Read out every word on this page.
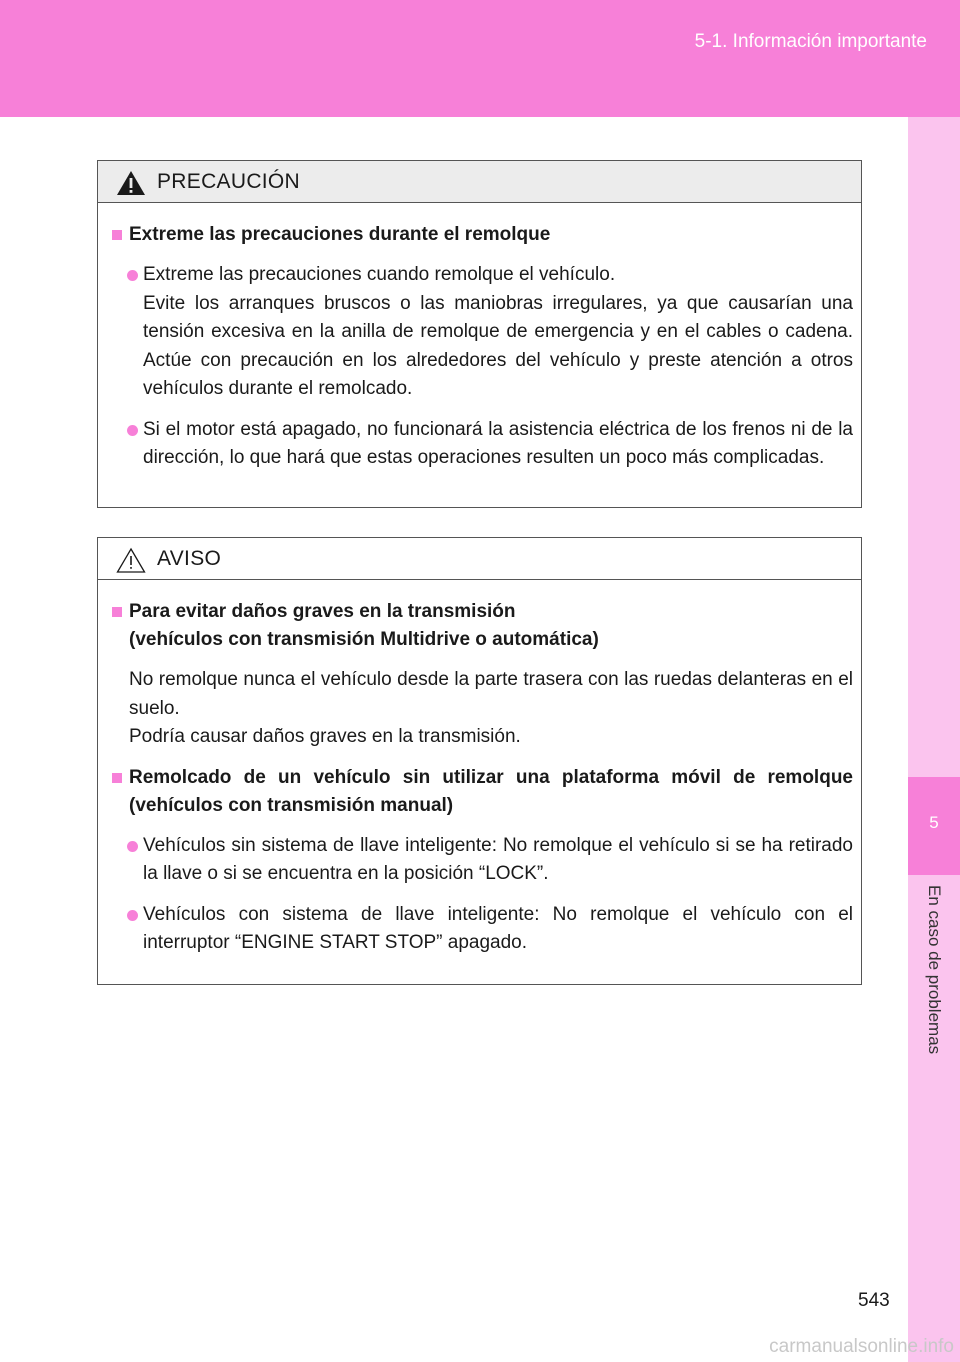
5-1. Información importante
5
En caso de problemas
PRECAUCIÓN

Extreme las precauciones durante el remolque

Extreme las precauciones cuando remolque el vehículo.
Evite los arranques bruscos o las maniobras irregulares, ya que causarían una tensión excesiva en la anilla de remolque de emergencia y en el cables o cadena. Actúe con precaución en los alrededores del vehículo y preste atención a otros vehículos durante el remolcado.
Si el motor está apagado, no funcionará la asistencia eléctrica de los frenos ni de la dirección, lo que hará que estas operaciones resulten un poco más complicadas.
AVISO

Para evitar daños graves en la transmisión
(vehículos con transmisión Multidrive o automática)

No remolque nunca el vehículo desde la parte trasera con las ruedas delanteras en el suelo.
Podría causar daños graves en la transmisión.

Remolcado de un vehículo sin utilizar una plataforma móvil de remolque
(vehículos con transmisión manual)

Vehículos sin sistema de llave inteligente: No remolque el vehículo si se ha retirado la llave o si se encuentra en la posición “LOCK”.
Vehículos con sistema de llave inteligente: No remolque el vehículo con el interruptor “ENGINE START STOP” apagado.
543
carmanualsonline.info
